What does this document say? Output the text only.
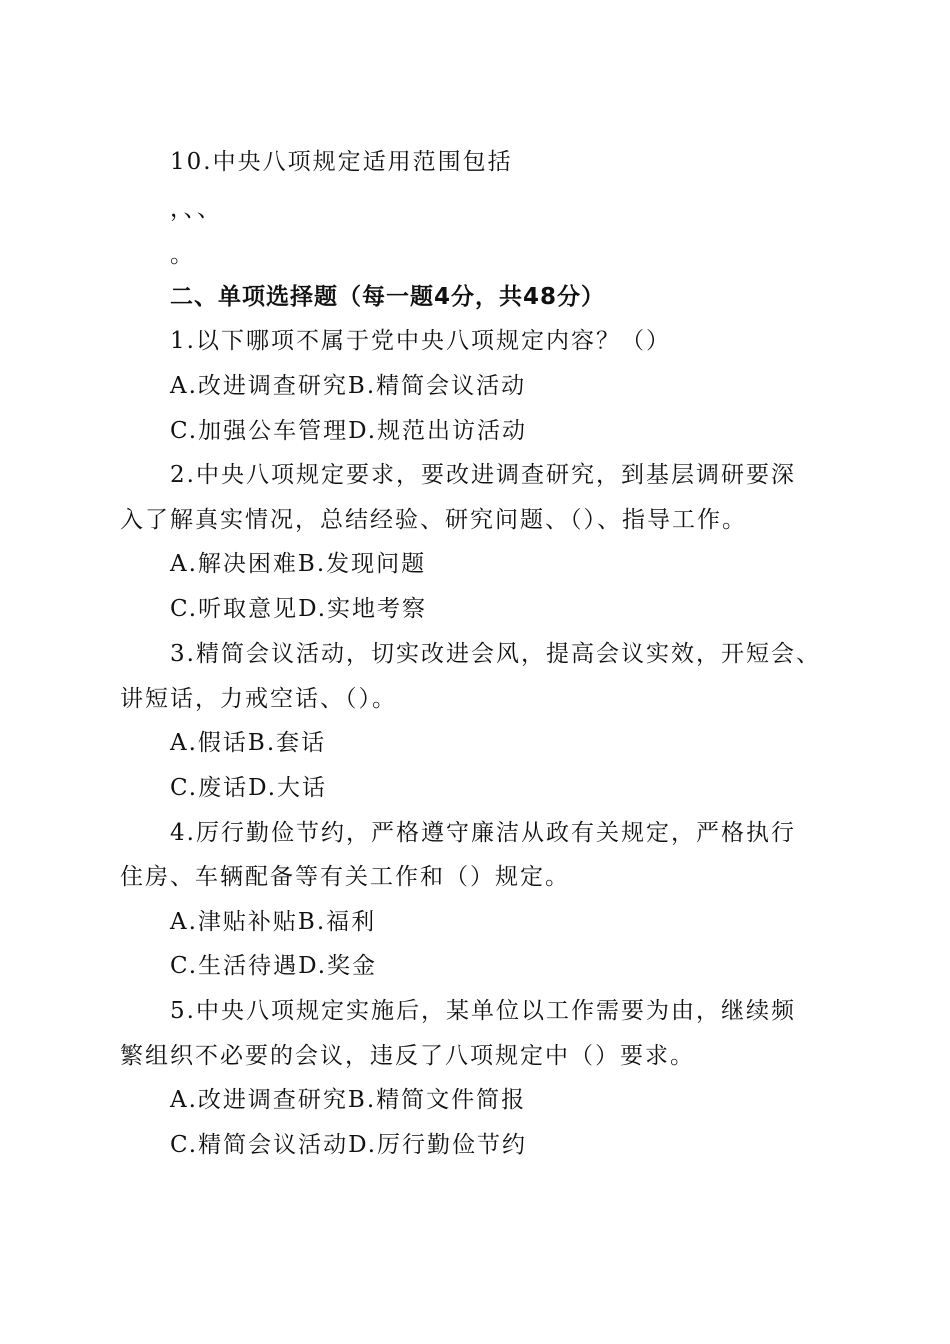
10.中央八项规定适用范围包括
，、、
。
二、单项选择题（每一题4分，共48分）
1.以下哪项不属于党中央八项规定内容？（）
A.改进调查研究B.精简会议活动
C.加强公车管理D.规范出访活动
2.中央八项规定要求，要改进调查研究，到基层调研要深
入了解真实情况，总结经验、研究问题、（）、指导工作。
A.解决困难B.发现问题
C.听取意见D.实地考察
3.精简会议活动，切实改进会风，提高会议实效，开短会、
讲短话，力戒空话、（）。
A.假话B.套话
C.废话D.大话
4.厉行勤俭节约，严格遵守廉洁从政有关规定，严格执行
住房、车辆配备等有关工作和（）规定。
A.津贴补贴B.福利
C.生活待遇D.奖金
5.中央八项规定实施后，某单位以工作需要为由，继续频
繁组织不必要的会议，违反了八项规定中（）要求。
A.改进调查研究B.精简文件简报
C.精简会议活动D.厉行勤俭节约
